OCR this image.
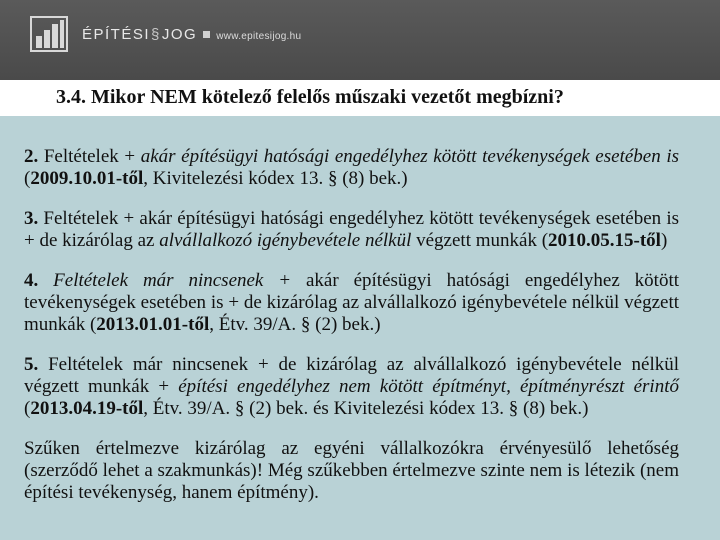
ÉPÍTÉSI§JOG www.epitesijog.hu
3.4. Mikor NEM kötelező felelős műszaki vezetőt megbízni?

2. Feltételek + akár építésügyi hatósági engedélyhez kötött tevékenységek esetében is (2009.10.01-től, Kivitelezési kódex 13. § (8) bek.)

3. Feltételek + akár építésügyi hatósági engedélyhez kötött tevékenységek esetében is + de kizárólag az alvállalkozó igénybevétele nélkül végzett munkák (2010.05.15-től)

4. Feltételek már nincsenek + akár építésügyi hatósági engedélyhez kötött tevékenységek esetében is + de kizárólag az alvállalkozó igénybevétele nélkül végzett munkák (2013.01.01-től, Étv. 39/A. § (2) bek.)

5. Feltételek már nincsenek + de kizárólag az alvállalkozó igénybevétele nélkül végzett munkák + építési engedélyhez nem kötött építményt, építményrészt érintő (2013.04.19-től, Étv. 39/A. § (2) bek. és Kivitelezési kódex 13. § (8) bek.)

Szűken értelmezve kizárólag az egyéni vállalkozókra érvényesülő lehetőség (szerződő lehet a szakmunkás)! Még szűkebben értelmezve szinte nem is létezik (nem építési tevékenység, hanem építmény).
